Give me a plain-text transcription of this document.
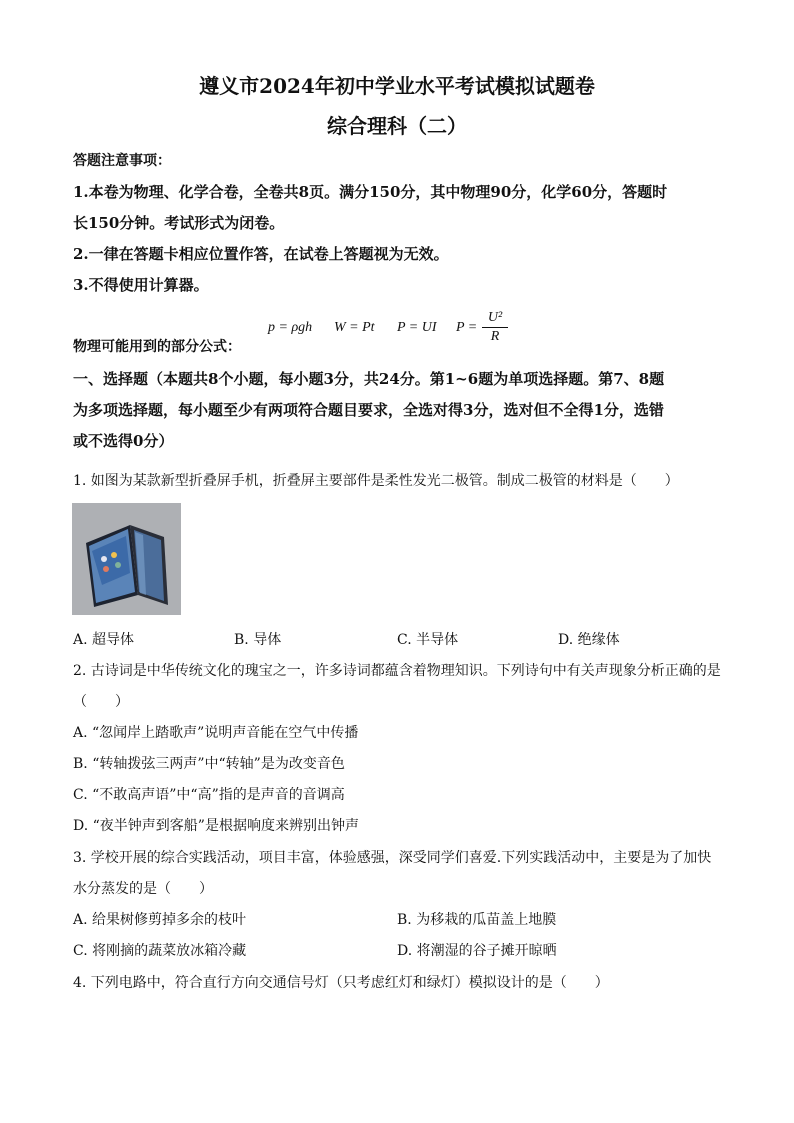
遵义市2024年初中学业水平考试模拟试题卷
综合理科（二）
答题注意事项：
1.本卷为物理、化学合卷，全卷共8页。满分150分，其中物理90分，化学60分，答题时
长150分钟。考试形式为闭卷。
2.一律在答题卡相应位置作答，在试卷上答题视为无效。
3.不得使用计算器。
物理可能用到的部分公式：
p = ρgh W = Pt P = UI P =
U²
R
一、选择题（本题共8个小题，每小题3分，共24分。第1~6题为单项选择题。第7、8题
为多项选择题，每小题至少有两项符合题目要求，全选对得3分，选对但不全得1分，选错
或不选得0分）
1. 如图为某款新型折叠屏手机，折叠屏主要部件是柔性发光二极管。制成二极管的材料是（　　）
A. 超导体	B. 导体	C. 半导体	D. 绝缘体
2. 古诗词是中华传统文化的瑰宝之一，许多诗词都蕴含着物理知识。下列诗句中有关声现象分析正确的是
（　　）
A. “忽闻岸上踏歌声”说明声音能在空气中传播
B. “转轴拨弦三两声”中“转轴”是为改变音色
C. “不敢高声语”中“高”指的是声音的音调高
D. “夜半钟声到客船”是根据响度来辨别出钟声
3. 学校开展的综合实践活动，项目丰富，体验感强，深受同学们喜爱.下列实践活动中，主要是为了加快
水分蒸发的是（　　）
A. 给果树修剪掉多余的枝叶	B. 为移栽的瓜苗盖上地膜
C. 将刚摘的蔬菜放冰箱冷藏	D. 将潮湿的谷子摊开晾晒
4. 下列电路中，符合直行方向交通信号灯（只考虑红灯和绿灯）模拟设计的是（　　）
